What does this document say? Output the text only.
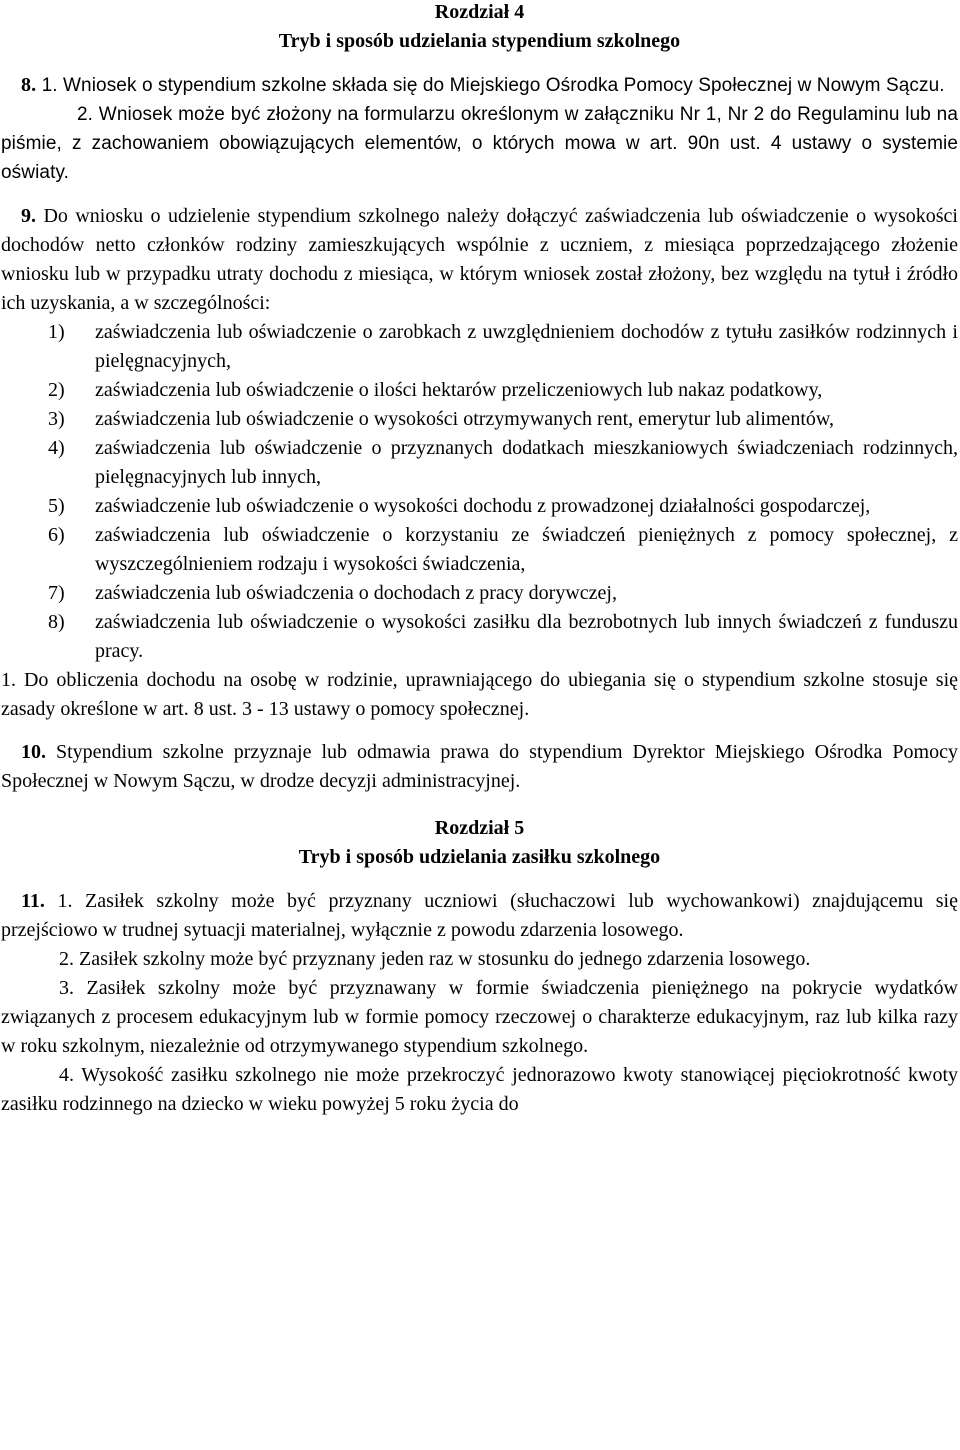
Rozdział 4
Tryb i sposób udzielania stypendium szkolnego

8. 1. Wniosek o stypendium szkolne składa się do Miejskiego Ośrodka Pomocy Społecznej w Nowym Sączu.

2. Wniosek może być złożony na formularzu określonym w załączniku Nr 1, Nr 2 do Regulaminu lub na piśmie, z zachowaniem obowiązujących elementów, o których mowa w art. 90n ust. 4 ustawy o systemie oświaty.

9. Do wniosku o udzielenie stypendium szkolnego należy dołączyć zaświadczenia lub oświadczenie o wysokości dochodów netto członków rodziny zamieszkujących wspólnie z uczniem, z miesiąca poprzedzającego złożenie wniosku lub w przypadku utraty dochodu z miesiąca, w którym wniosek został złożony, bez względu na tytuł i źródło ich uzyskania, a w szczególności:

1)	zaświadczenia lub oświadczenie o zarobkach z uwzględnieniem dochodów z tytułu zasiłków rodzinnych i pielęgnacyjnych,
2)	zaświadczenia lub oświadczenie o ilości hektarów przeliczeniowych lub nakaz podatkowy,
3)	zaświadczenia lub oświadczenie o wysokości otrzymywanych rent, emerytur lub alimentów,
4)	zaświadczenia lub oświadczenie o przyznanych dodatkach mieszkaniowych świadczeniach rodzinnych, pielęgnacyjnych lub innych,
5)	zaświadczenie lub oświadczenie o wysokości dochodu z prowadzonej działalności gospodarczej,
6)	zaświadczenia lub oświadczenie o korzystaniu ze świadczeń pieniężnych z pomocy społecznej, z wyszczególnieniem rodzaju i wysokości świadczenia,
7)	zaświadczenia lub oświadczenia o dochodach z pracy dorywczej,
8)	zaświadczenia lub oświadczenie o wysokości zasiłku dla bezrobotnych lub innych świadczeń z funduszu pracy.

1. Do obliczenia dochodu na osobę w rodzinie, uprawniającego do ubiegania się o stypendium szkolne stosuje się zasady określone w art. 8 ust. 3 - 13 ustawy o pomocy społecznej.

10. Stypendium szkolne przyznaje lub odmawia prawa do stypendium Dyrektor Miejskiego Ośrodka Pomocy Społecznej w Nowym Sączu, w drodze decyzji administracyjnej.

Rozdział 5
Tryb i sposób udzielania zasiłku szkolnego

11. 1. Zasiłek szkolny może być przyznany uczniowi (słuchaczowi lub wychowankowi) znajdującemu się przejściowo w trudnej sytuacji materialnej, wyłącznie z powodu zdarzenia losowego.

2. Zasiłek szkolny może być przyznany jeden raz w stosunku do jednego zdarzenia losowego.

3. Zasiłek szkolny może być przyznawany w formie świadczenia pieniężnego na pokrycie wydatków związanych z procesem edukacyjnym lub w formie pomocy rzeczowej o charakterze edukacyjnym, raz lub kilka razy w roku szkolnym, niezależnie od otrzymywanego stypendium szkolnego.

4. Wysokość zasiłku szkolnego nie może przekroczyć jednorazowo kwoty stanowiącej pięciokrotność kwoty zasiłku rodzinnego na dziecko w wieku powyżej 5 roku życia do
